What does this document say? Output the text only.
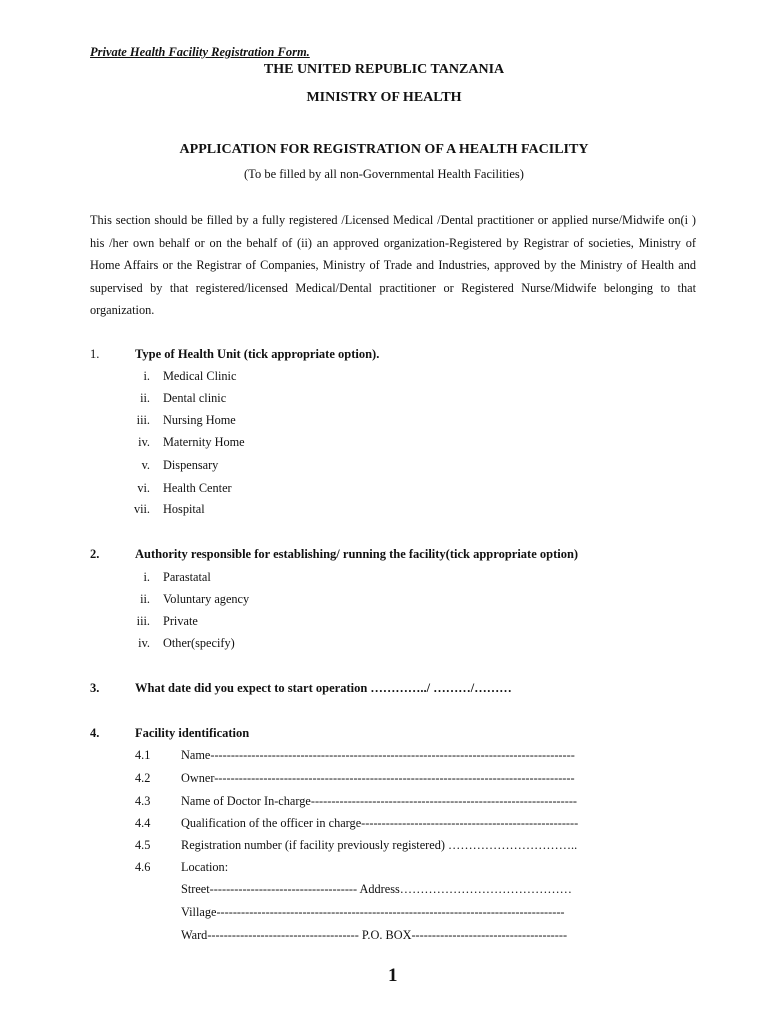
Private Health Facility Registration Form.
THE UNITED REPUBLIC TANZANIA
MINISTRY OF HEALTH
APPLICATION FOR REGISTRATION OF A HEALTH FACILITY
(To be filled by all non-Governmental Health Facilities)
This section should be filled by a fully registered /Licensed Medical /Dental practitioner or applied nurse/Midwife on(i )
his /her own behalf or on the behalf of (ii) an approved organization-Registered by Registrar of societies, Ministry of
Home Affairs or the Registrar of Companies, Ministry of Trade and Industries, approved by the Ministry of Health and
supervised by that registered/licensed Medical/Dental practitioner or Registered Nurse/Midwife belonging to that
organization.
1.	Type of Health Unit (tick appropriate option).
i. Medical Clinic
ii. Dental clinic
iii. Nursing Home
iv. Maternity Home
v. Dispensary
vi. Health Center
vii. Hospital
2.	Authority responsible for establishing/ running the facility(tick appropriate option)
i. Parastatal
ii. Voluntary agency
iii. Private
iv. Other(specify)
3.	What date did you expect to start operation …………../ ………/………
4.	Facility identification
4.1 Name-----------------------------------------------------------------------------------------
4.2 Owner----------------------------------------------------------------------------------------
4.3 Name of Doctor In-charge-----------------------------------------------------------------
4.4 Qualification of the officer in charge-----------------------------------------------------
4.5 Registration number (if facility previously registered) …………………………..
4.6 Location:
Street------------------------------------ Address……………………………………
Village-------------------------------------------------------------------------------------
Ward------------------------------------- P.O. BOX--------------------------------------
1
